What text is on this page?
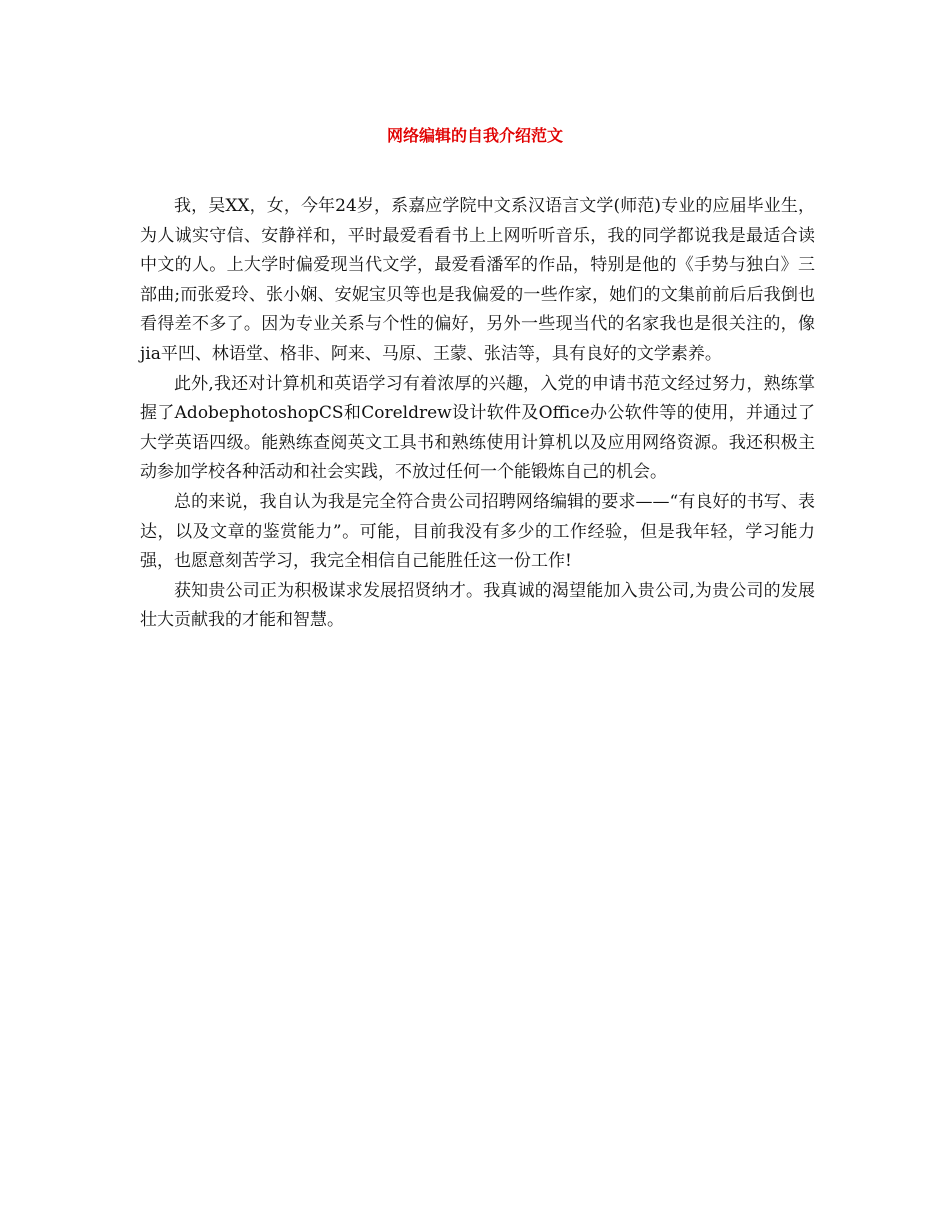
网络编辑的自我介绍范文

我，吴XX，女，今年24岁，系嘉应学院中文系汉语言文学(师范)专业的应届毕业生，为人诚实守信、安静祥和，平时最爱看看书上上网听听音乐，我的同学都说我是最适合读中文的人。上大学时偏爱现当代文学，最爱看潘军的作品，特别是他的《手势与独白》三部曲;而张爱玲、张小娴、安妮宝贝等也是我偏爱的一些作家，她们的文集前前后后我倒也看得差不多了。因为专业关系与个性的偏好，另外一些现当代的名家我也是很关注的，像jia平凹、林语堂、格非、阿来、马原、王蒙、张洁等，具有良好的文学素养。

此外,我还对计算机和英语学习有着浓厚的兴趣，入党的申请书范文经过努力，熟练掌握了AdobephotoshopCS和Coreldrew设计软件及Office办公软件等的使用，并通过了大学英语四级。能熟练查阅英文工具书和熟练使用计算机以及应用网络资源。我还积极主动参加学校各种活动和社会实践，不放过任何一个能锻炼自己的机会。

总的来说，我自认为我是完全符合贵公司招聘网络编辑的要求——“有良好的书写、表达，以及文章的鉴赏能力”。可能，目前我没有多少的工作经验，但是我年轻，学习能力强，也愿意刻苦学习，我完全相信自己能胜任这一份工作!

获知贵公司正为积极谋求发展招贤纳才。我真诚的渴望能加入贵公司,为贵公司的发展壮大贡献我的才能和智慧。
